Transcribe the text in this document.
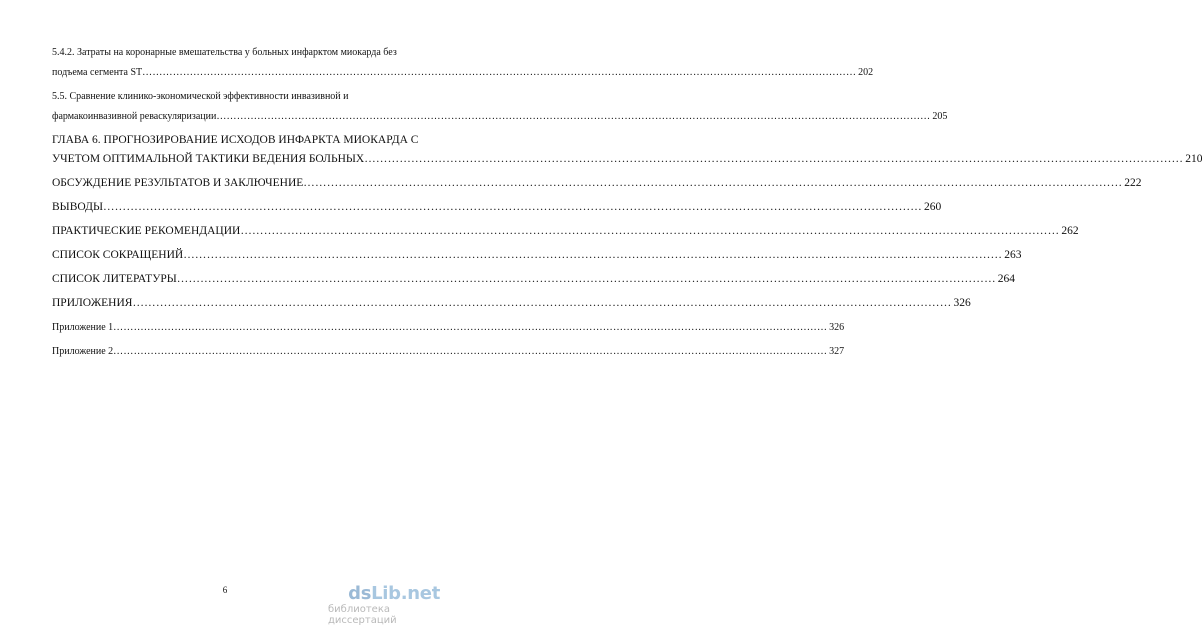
5.4.2. Затраты на коронарные вмешательства у больных инфарктом миокарда без
подъема сегмента ST ………………………………………………………………………………………………………………………………………………………………………………………… 202
5.5. Сравнение клинико-экономической эффективности инвазивной и
фармакоинвазивной реваскуляризации ………………………………………………………………………………………………………………………………………………………………………………………… 205
ГЛАВА 6. ПРОГНОЗИРОВАНИЕ ИСХОДОВ ИНФАРКТА МИОКАРДА С
УЧЕТОМ ОПТИМАЛЬНОЙ ТАКТИКИ ВЕДЕНИЯ БОЛЬНЫХ ………………………………………………………………………………………………………………………………………………………………………………………… 210
ОБСУЖДЕНИЕ РЕЗУЛЬТАТОВ И ЗАКЛЮЧЕНИЕ ………………………………………………………………………………………………………………………………………………………………………………………… 222
ВЫВОДЫ ………………………………………………………………………………………………………………………………………………………………………………………… 260
ПРАКТИЧЕСКИЕ РЕКОМЕНДАЦИИ ………………………………………………………………………………………………………………………………………………………………………………………… 262
СПИСОК СОКРАЩЕНИЙ ………………………………………………………………………………………………………………………………………………………………………………………… 263
СПИСОК ЛИТЕРАТУРЫ ………………………………………………………………………………………………………………………………………………………………………………………… 264
ПРИЛОЖЕНИЯ ………………………………………………………………………………………………………………………………………………………………………………………… 326
Приложение 1 ………………………………………………………………………………………………………………………………………………………………………………………… 326
Приложение 2 ………………………………………………………………………………………………………………………………………………………………………………………… 327
6	dsLib.net
библиотека диссертаций
